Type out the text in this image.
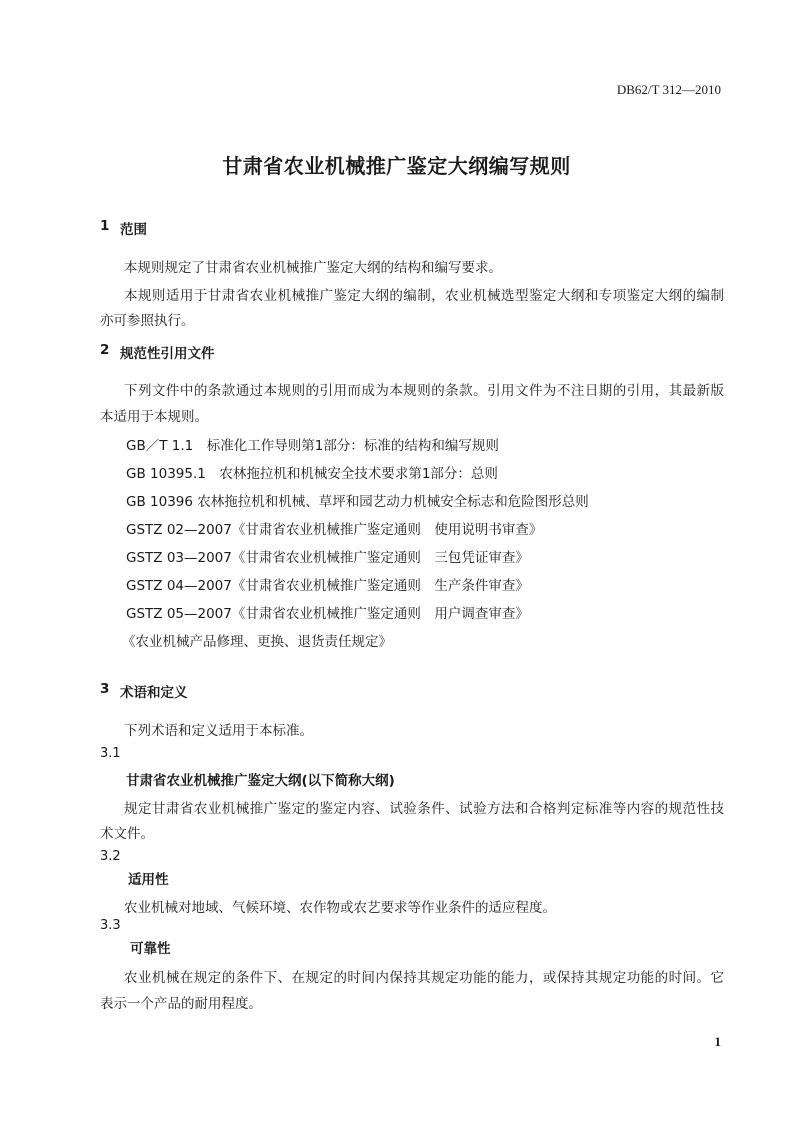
DB62/T 312—2010
甘肃省农业机械推广鉴定大纲编写规则
1 范围
本规则规定了甘肃省农业机械推广鉴定大纲的结构和编写要求。
本规则适用于甘肃省农业机械推广鉴定大纲的编制，农业机械选型鉴定大纲和专项鉴定大纲的编制
亦可参照执行。
2 规范性引用文件
下列文件中的条款通过本规则的引用而成为本规则的条款。引用文件为不注日期的引用，其最新版
本适用于本规则。
GB／T 1.1　标准化工作导则第1部分：标准的结构和编写规则
GB 10395.1　农林拖拉机和机械安全技术要求第1部分：总则
GB 10396 农林拖拉机和机械、草坪和园艺动力机械安全标志和危险图形总则
GSTZ 02—2007《甘肃省农业机械推广鉴定通则　使用说明书审查》
GSTZ 03—2007《甘肃省农业机械推广鉴定通则　三包凭证审查》
GSTZ 04—2007《甘肃省农业机械推广鉴定通则　生产条件审查》
GSTZ 05—2007《甘肃省农业机械推广鉴定通则　用户调查审查》
《农业机械产品修理、更换、退货责任规定》
3 术语和定义
下列术语和定义适用于本标准。
3.1
甘肃省农业机械推广鉴定大纲(以下简称大纲)
规定甘肃省农业机械推广鉴定的鉴定内容、试验条件、试验方法和合格判定标准等内容的规范性技
术文件。
3.2
适用性
农业机械对地域、气候环境、农作物或农艺要求等作业条件的适应程度。
3.3
可靠性
农业机械在规定的条件下、在规定的时间内保持其规定功能的能力，或保持其规定功能的时间。它
表示一个产品的耐用程度。
1
